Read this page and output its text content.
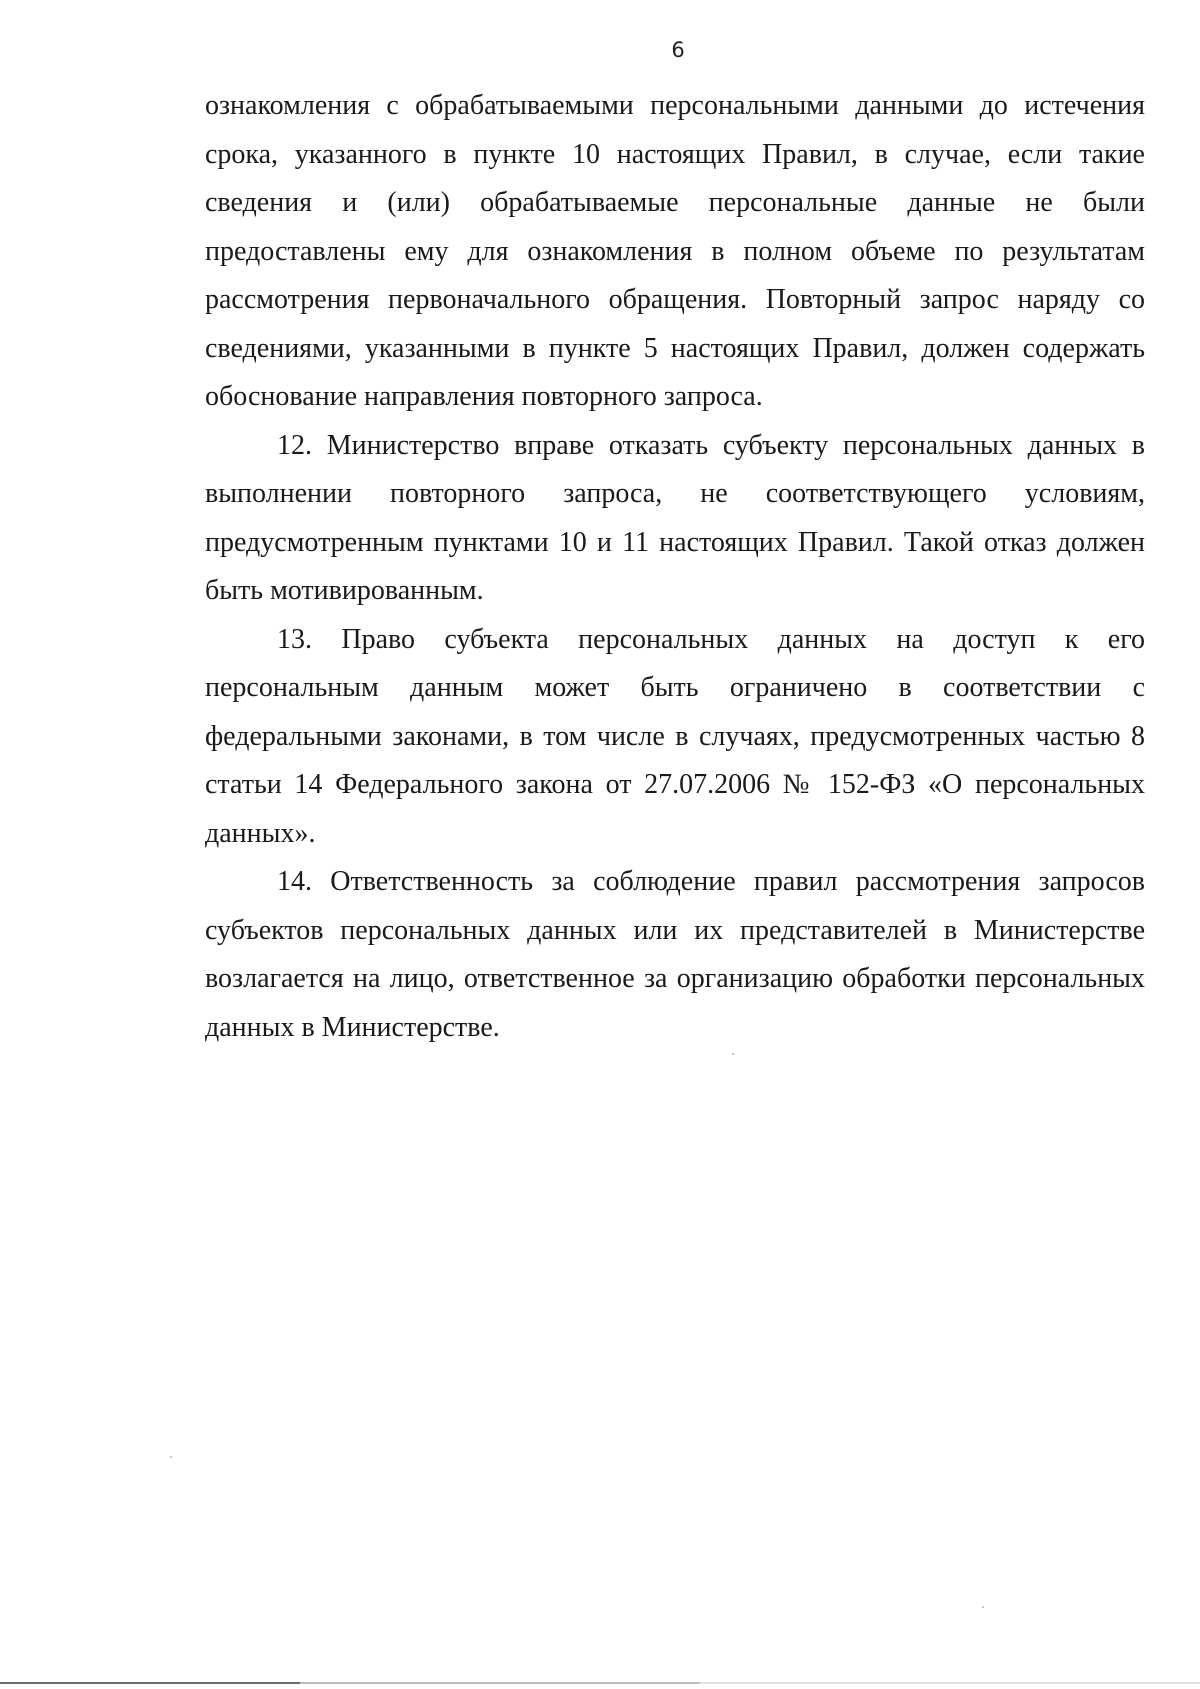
6

ознакомления с обрабатываемыми персональными данными до истечения срока, указанного в пункте 10 настоящих Правил, в случае, если такие сведения и (или) обрабатываемые персональные данные не были предоставлены ему для ознакомления в полном объеме по результатам рассмотрения первоначального обращения. Повторный запрос наряду со сведениями, указанными в пункте 5 настоящих Правил, должен содержать обоснование направления повторного запроса.

12. Министерство вправе отказать субъекту персональных данных в выполнении повторного запроса, не соответствующего условиям, предусмотренным пунктами 10 и 11 настоящих Правил. Такой отказ должен быть мотивированным.

13. Право субъекта персональных данных на доступ к его персональным данным может быть ограничено в соответствии с федеральными законами, в том числе в случаях, предусмотренных частью 8 статьи 14 Федерального закона от 27.07.2006 № 152-ФЗ «О персональных данных».

14. Ответственность за соблюдение правил рассмотрения запросов субъектов персональных данных или их представителей в Министерстве возлагается на лицо, ответственное за организацию обработки персональных данных в Министерстве.
